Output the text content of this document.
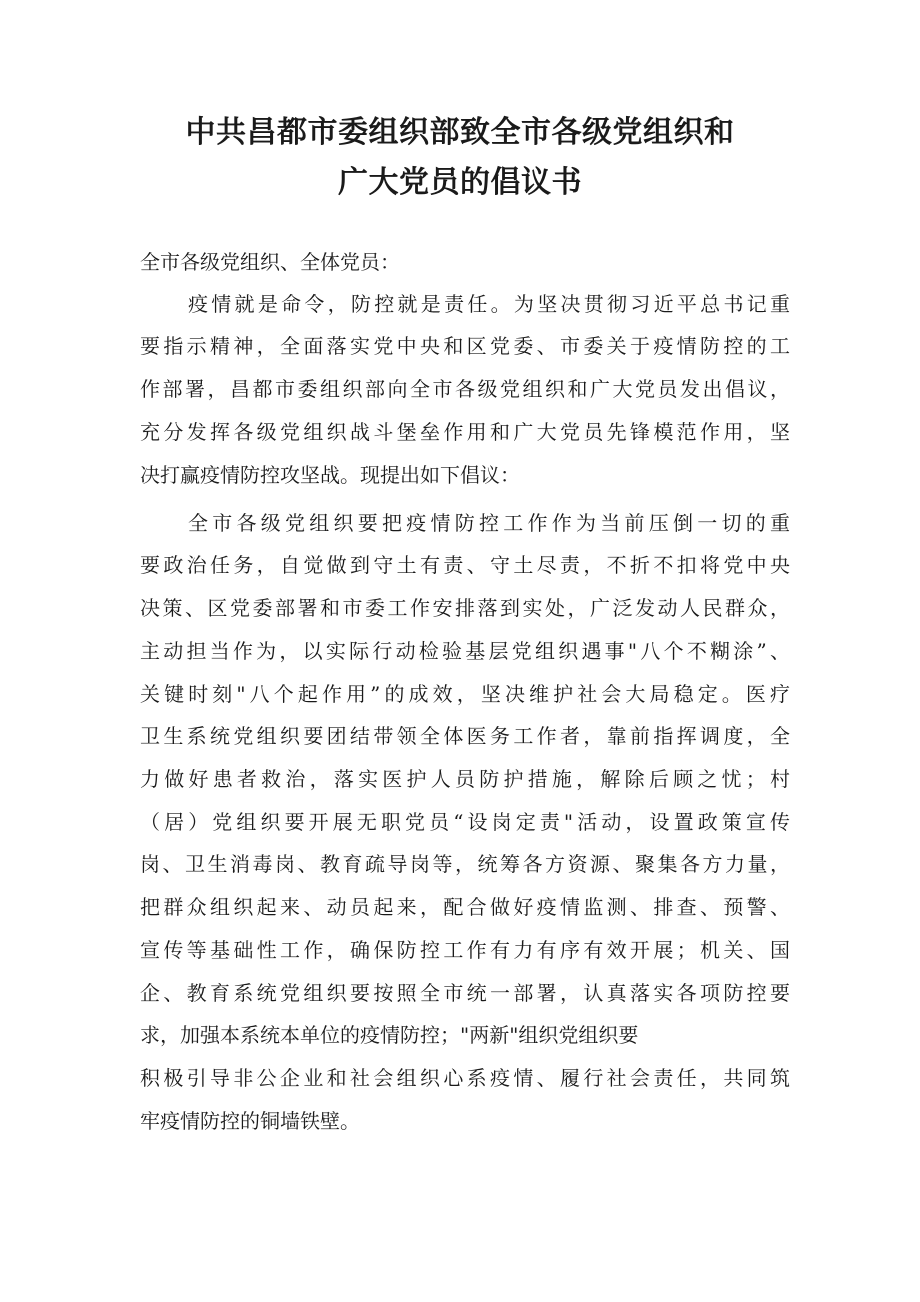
中共昌都市委组织部致全市各级党组织和
广大党员的倡议书

全市各级党组织、全体党员：

疫情就是命令，防控就是责任。为坚决贯彻习近平总书记重

要指示精神，全面落实党中央和区党委、市委关于疫情防控的工

作部署，昌都市委组织部向全市各级党组织和广大党员发出倡议，

充分发挥各级党组织战斗堡垒作用和广大党员先锋模范作用，坚

决打赢疫情防控攻坚战。现提出如下倡议：

全市各级党组织要把疫情防控工作作为当前压倒一切的重

要政治任务，自觉做到守土有责、守土尽责，不折不扣将党中央

决策、区党委部署和市委工作安排落到实处，广泛发动人民群众，

主动担当作为，以实际行动检验基层党组织遇事"八个不糊涂”、

关键时刻"八个起作用”的成效，坚决维护社会大局稳定。医疗

卫生系统党组织要团结带领全体医务工作者，靠前指挥调度，全

力做好患者救治，落实医护人员防护措施，解除后顾之忧；村

（居）党组织要开展无职党员“设岗定责"活动，设置政策宣传

岗、卫生消毒岗、教育疏导岗等，统筹各方资源、聚集各方力量，

把群众组织起来、动员起来，配合做好疫情监测、排查、预警、

宣传等基础性工作，确保防控工作有力有序有效开展；机关、国

企、教育系统党组织要按照全市统一部署，认真落实各项防控要

求，加强本系统本单位的疫情防控；"两新"组织党组织要

积极引导非公企业和社会组织心系疫情、履行社会责任，共同筑

牢疫情防控的铜墙铁壁。
